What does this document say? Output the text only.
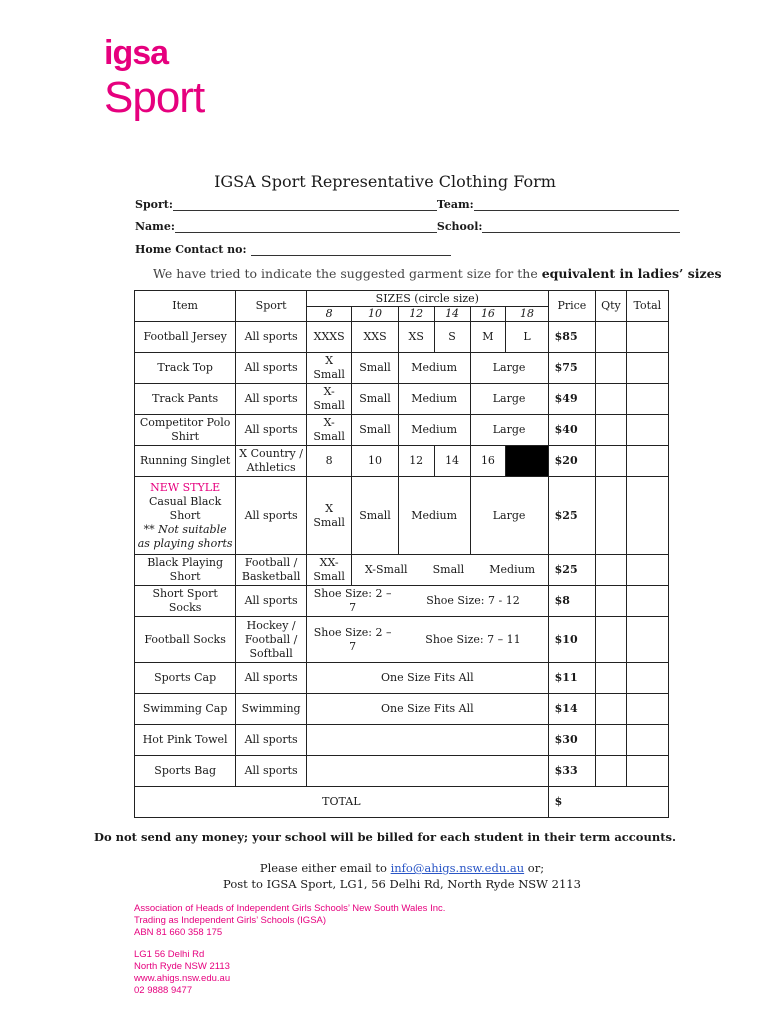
igsa
Sport
IGSA Sport Representative Clothing Form
Sport:	Team:
Name:	School:
Home Contact no:
We have tried to indicate the suggested garment size for the equivalent in ladies’ sizes
Item	Sport	SIZES (circle size)						Price	Qty	Total
		8	10	12	14	16	18			
Football Jersey	All sports	XXXS	XXS	XS	S	M	L	$85		
Track Top	All sports	X Small	Small	Medium		Large		$75		
Track Pants	All sports	X-Small	Small	Medium		Large		$49		
Competitor Polo Shirt	All sports	X-Small	Small	Medium		Large		$40		
Running Singlet	X Country / Athletics	8	10	12	14	16		$20		

NEW STYLE
Casual Black Short
** Not suitable as playing shorts	All sports	X Small	Small	Medium		Large		$25		
Black Playing Short	Football / Basketball	XX-Small	X-Small Small Medium					$25		
Short Sport Socks	All sports	Shoe Size: 2 – 7		Shoe Size: 7 - 12				$8		
Football Socks	Hockey / Football / Softball	Shoe Size: 2 – 7		Shoe Size: 7 – 11				$10		
Sports Cap	All sports	One Size Fits All						$11		
Swimming Cap	Swimming	One Size Fits All						$14		
Hot Pink Towel	All sports							$30		
Sports Bag	All sports							$33		
TOTAL								$		
Do not send any money; your school will be billed for each student in their term accounts.
Please either email to info@ahigs.nsw.edu.au or;
Post to IGSA Sport, LG1, 56 Delhi Rd, North Ryde NSW 2113
Association of Heads of Independent Girls Schools’ New South Wales Inc.
Trading as Independent Girls’ Schools (IGSA)
ABN 81 660 358 175
LG1 56 Delhi Rd
North Ryde NSW 2113
www.ahigs.nsw.edu.au
02 9888 9477
